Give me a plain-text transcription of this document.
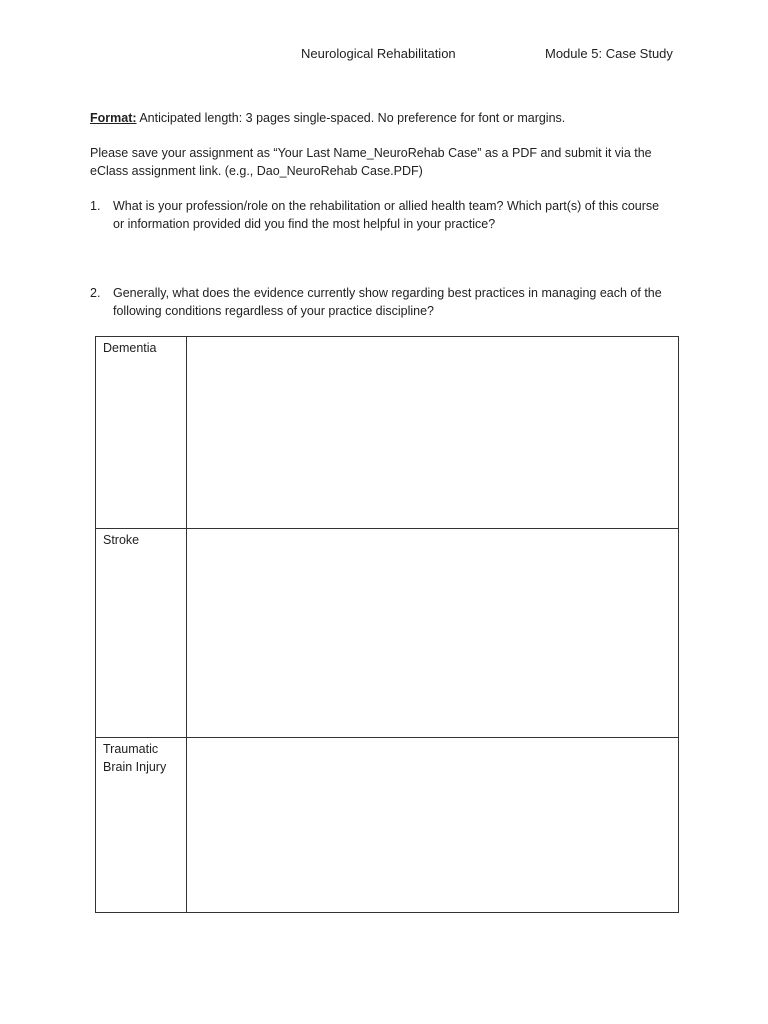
Neurological Rehabilitation	Module 5: Case Study
Format: Anticipated length: 3 pages single-spaced. No preference for font or margins.
Please save your assignment as “Your Last Name_NeuroRehab Case” as a PDF and submit it via the
eClass assignment link. (e.g., Dao_NeuroRehab Case.PDF)
1. What is your profession/role on the rehabilitation or allied health team? Which part(s) of this course
or information provided did you find the most helpful in your practice?
2. Generally, what does the evidence currently show regarding best practices in managing each of the
following conditions regardless of your practice discipline?
Dementia	

Stroke	

Traumatic
Brain Injury	
